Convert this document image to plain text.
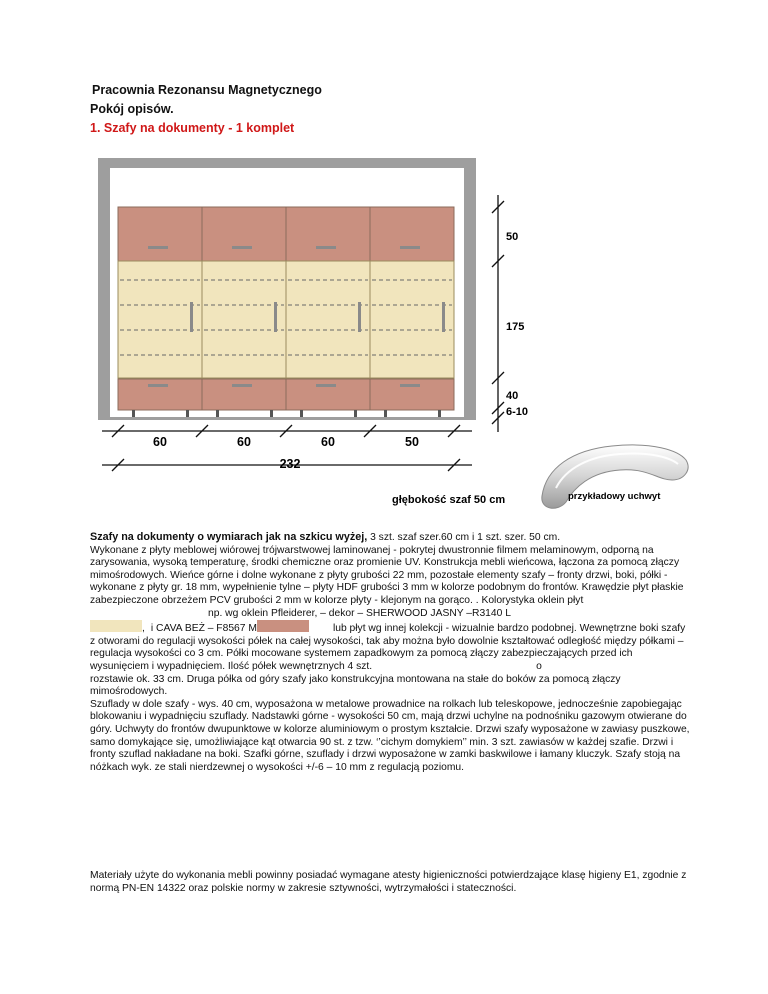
Pracownia Rezonansu Magnetycznego
Pokój opisów.
1. Szafy na dokumenty - 1 komplet
50
175
40
6-10
60	60	60	50
232
głębokość szaf 50 cm	przykładowy uchwyt

Szafy na dokumenty o wymiarach jak na szkicu wyżej, 3 szt. szaf szer.60 cm i 1 szt. szer. 50 cm.
Wykonane z płyty meblowej wiórowej trójwarstwowej laminowanej - pokrytej dwustronnie filmem melaminowym, odporną na zarysowania, wysoką temperaturę, środki chemiczne oraz promienie UV. Konstrukcja mebli wieńcowa, łączona za pomocą złączy mimośrodowych. Wieńce górne i dolne wykonane z płyty grubości 22 mm, pozostałe elementy szafy – fronty drzwi, boki, półki - wykonane z płyty gr. 18 mm, wypełnienie tylne – płyty HDF grubości 3 mm w kolorze podobnym do frontów. Krawędzie płyt płaskie zabezpieczone obrzeżem PCV grubości 2 mm w kolorze płyty - klejonym na gorąco. . Kolorystyka oklein płytnp. wg oklein Pfleiderer, – dekor – SHERWOOD JASNY –R3140 L
, i CAVA BEŻ – F8567 M	lub płyt wg innej kolekcji - wizualnie bardzo podobnej. Wewnętrzne boki szafy z otworami do regulacji wysokości półek na całej wysokości, tak aby można było dowolnie kształtować odległość między półkami – regulacja wysokości co 3 cm. Półki mocowane systemem zapadkowym za pomocą złączy zabezpieczających przed ich wysunięciem i wypadnięciem. Ilość półek wewnętrznych 4 szt.	o
rozstawie ok. 33 cm. Druga półka od góry szafy jako konstrukcyjna montowana na stałe do boków za pomocą złączy mimośrodowych.
Szuflady w dole szafy - wys. 40 cm, wyposażona w metalowe prowadnice na rolkach lub teleskopowe, jednocześnie zapobiegając blokowaniu i wypadnięciu szuflady. Nadstawki górne - wysokości 50 cm, mają drzwi uchylne na podnośniku gazowym otwierane do góry. Uchwyty do frontów dwupunktowe w kolorze aluminiowym o prostym kształcie. Drzwi szafy wyposażone w zawiasy puszkowe, samo domykające się, umożliwiające kąt otwarcia 90 st. z tzw. ‘’cichym domykiem’’ min. 3 szt. zawiasów w każdej szafie. Drzwi i fronty szuflad nakładane na boki. Szafki górne, szuflady i drzwi wyposażone w zamki baskwilowe i łamany kluczyk. Szafy stoją na nóżkach wyk. ze stali nierdzewnej o wysokości +/-6 – 10 mm z regulacją poziomu.

Materiały użyte do wykonania mebli powinny posiadać wymagane atesty higieniczności potwierdzające klasę higieny E1, zgodnie z normą PN-EN 14322 oraz polskie normy w zakresie sztywności, wytrzymałości i stateczności.
